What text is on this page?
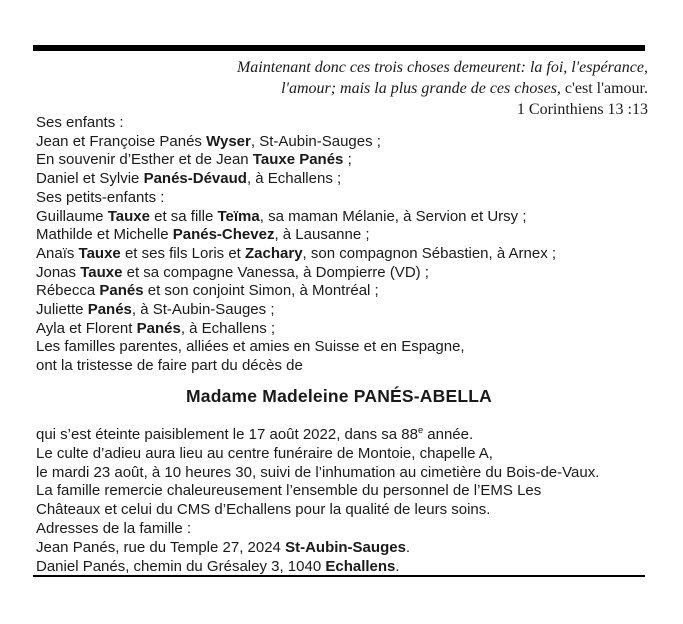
Maintenant donc ces trois choses demeurent: la foi, l'espérance,
l'amour; mais la plus grande de ces choses, c'est l'amour.
1 Corinthiens 13 :13
Ses enfants :
Jean et Françoise Panés Wyser, St-Aubin-Sauges ;
En souvenir d’Esther et de Jean Tauxe Panés ;
Daniel et Sylvie Panés-Dévaud, à Echallens ;
Ses petits-enfants :
Guillaume Tauxe et sa fille Teïma, sa maman Mélanie, à Servion et Ursy ;
Mathilde et Michelle Panés-Chevez, à Lausanne ;
Anaïs Tauxe et ses fils Loris et Zachary, son compagnon Sébastien, à Arnex ;
Jonas Tauxe et sa compagne Vanessa, à Dompierre (VD) ;
Rébecca Panés et son conjoint Simon, à Montréal ;
Juliette Panés, à St-Aubin-Sauges ;
Ayla et Florent Panés, à Echallens ;
Les familles parentes, alliées et amies en Suisse et en Espagne,
ont la tristesse de faire part du décès de
Madame Madeleine PANÉS-ABELLA
qui s’est éteinte paisiblement le 17 août 2022, dans sa 88e année.
Le culte d’adieu aura lieu au centre funéraire de Montoie, chapelle A,
le mardi 23 août, à 10 heures 30, suivi de l’inhumation au cimetière du Bois-de-Vaux.
La famille remercie chaleureusement l’ensemble du personnel de l’EMS Les
Châteaux et celui du CMS d’Echallens pour la qualité de leurs soins.
Adresses de la famille :
Jean Panés, rue du Temple 27, 2024 St-Aubin-Sauges.
Daniel Panés, chemin du Grésaley 3, 1040 Echallens.
